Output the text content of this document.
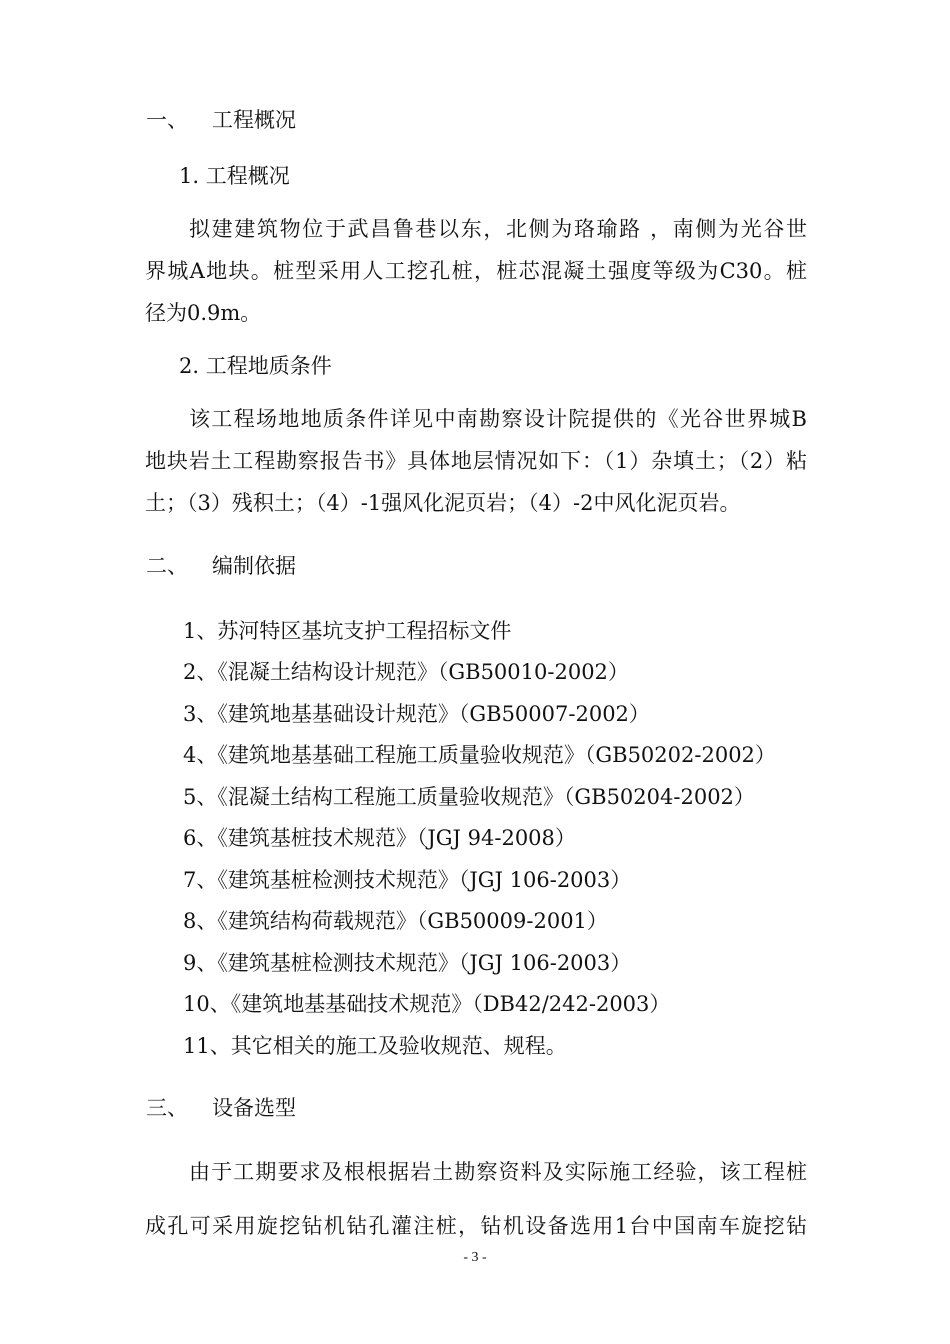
一、 工程概况
1. 工程概况
拟建建筑物位于武昌鲁巷以东，北侧为珞瑜路 ，南侧为光谷世
界城A地块。桩型采用人工挖孔桩，桩芯混凝土强度等级为C30。桩
径为0.9m。
2. 工程地质条件
该工程场地地质条件详见中南勘察设计院提供的《光谷世界城B
地块岩土工程勘察报告书》具体地层情况如下：（1）杂填土；（2）粘
土；（3）残积土；（4）-1强风化泥页岩；（4）-2中风化泥页岩。
二、 编制依据
1、苏河特区基坑支护工程招标文件
2、《混凝土结构设计规范》（GB50010-2002）
3、《建筑地基基础设计规范》（GB50007-2002）
4、《建筑地基基础工程施工质量验收规范》（GB50202-2002）
5、《混凝土结构工程施工质量验收规范》（GB50204-2002）
6、《建筑基桩技术规范》（JGJ 94-2008）
7、《建筑基桩检测技术规范》（JGJ 106-2003）
8、《建筑结构荷载规范》（GB50009-2001）
9、《建筑基桩检测技术规范》（JGJ 106-2003）
10、《建筑地基基础技术规范》（DB42/242-2003）
11、其它相关的施工及验收规范、规程。
三、 设备选型
由于工期要求及根根据岩土勘察资料及实际施工经验，该工程桩
成孔可采用旋挖钻机钻孔灌注桩，钻机设备选用1台中国南车旋挖钻
- 3 -
